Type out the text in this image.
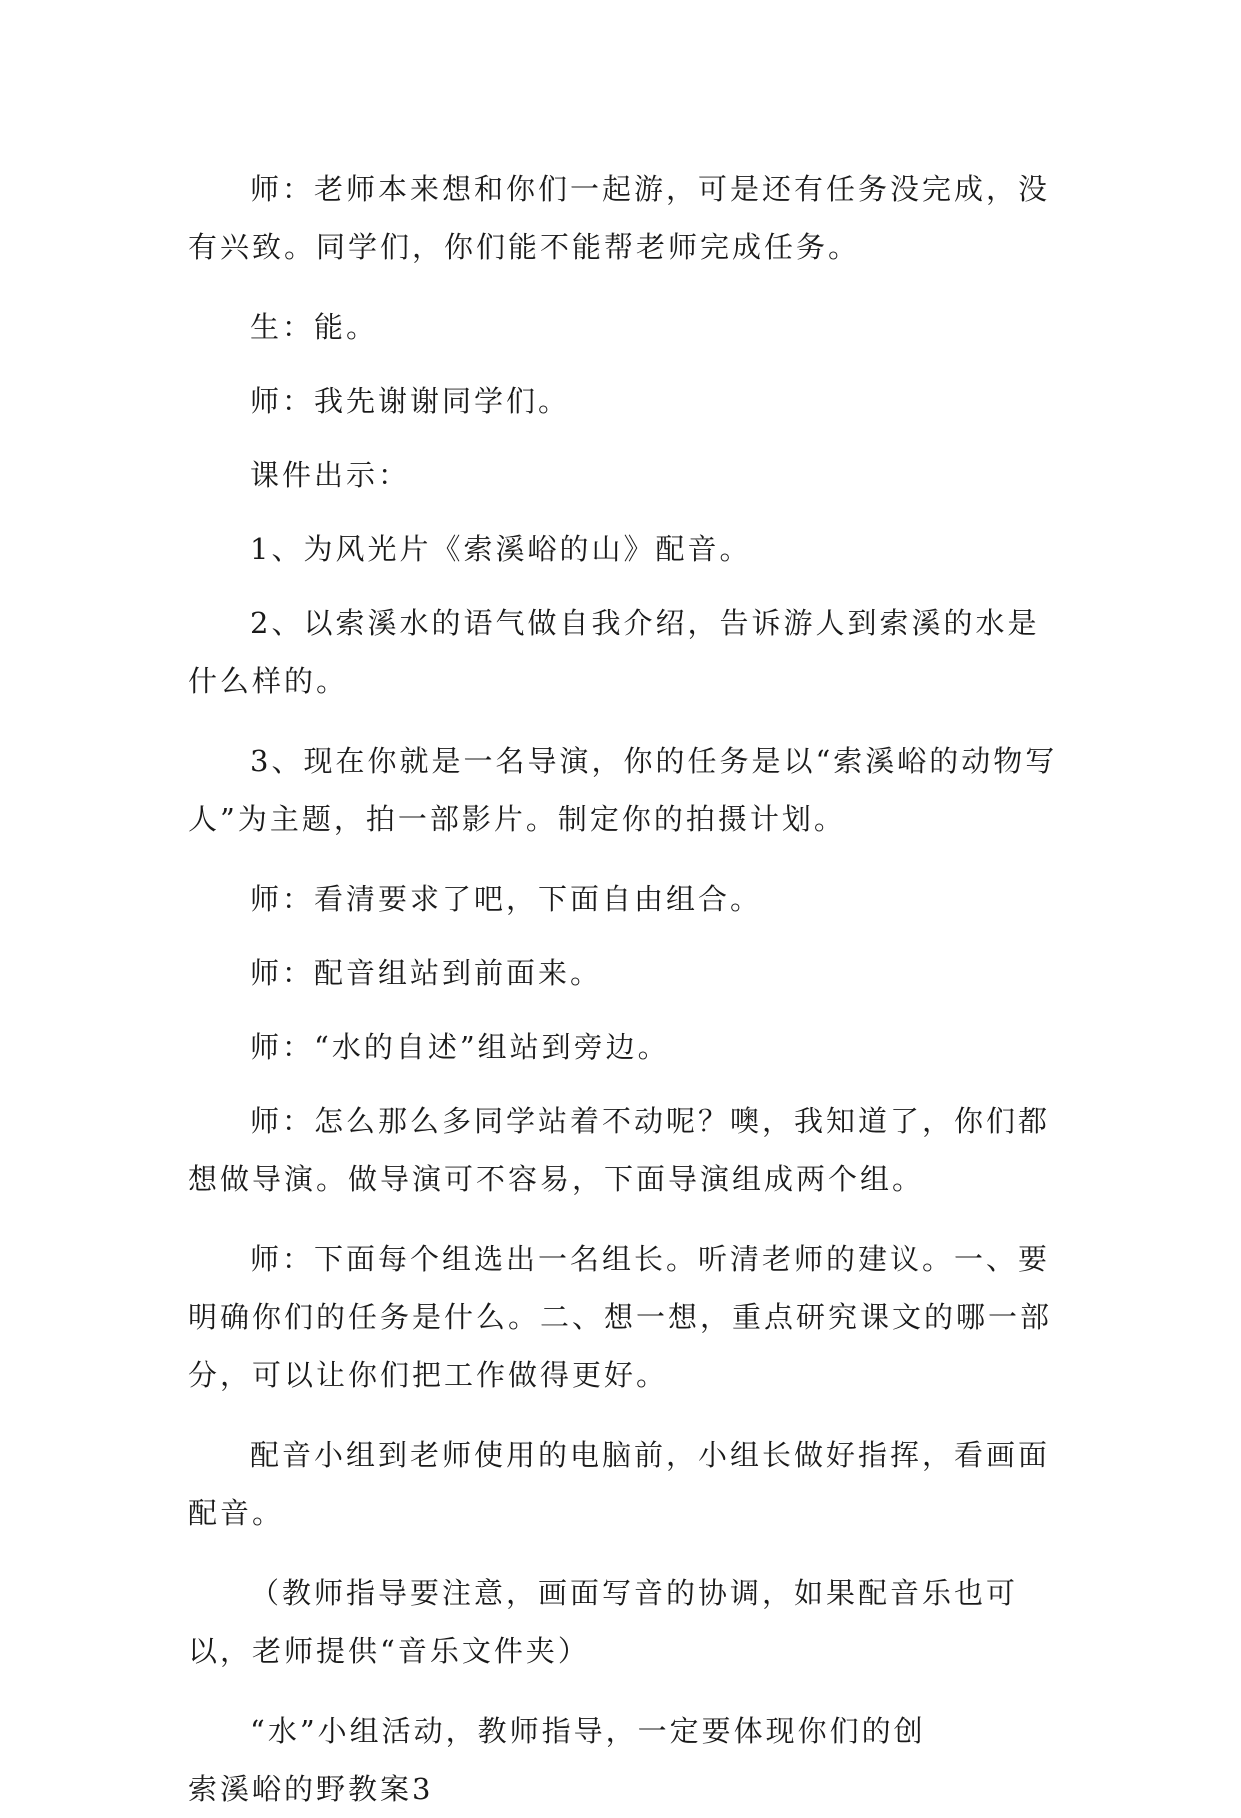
师：老师本来想和你们一起游，可是还有任务没完成，没有兴致。同学们，你们能不能帮老师完成任务。

生：能。

师：我先谢谢同学们。

课件出示：

1、为风光片《索溪峪的山》配音。

2、以索溪水的语气做自我介绍，告诉游人到索溪的水是什么样的。

3、现在你就是一名导演，你的任务是以“索溪峪的动物写人”为主题，拍一部影片。制定你的拍摄计划。

师：看清要求了吧，下面自由组合。

师：配音组站到前面来。

师：“水的自述”组站到旁边。

师：怎么那么多同学站着不动呢？噢，我知道了，你们都想做导演。做导演可不容易，下面导演组成两个组。

师：下面每个组选出一名组长。听清老师的建议。一、要明确你们的任务是什么。二、想一想，重点研究课文的哪一部分，可以让你们把工作做得更好。

配音小组到老师使用的电脑前，小组长做好指挥，看画面配音。

（教师指导要注意，画面写音的协调，如果配音乐也可以，老师提供“音乐文件夹）

“水”小组活动，教师指导，一定要体现你们的创

索溪峪的野教案3
